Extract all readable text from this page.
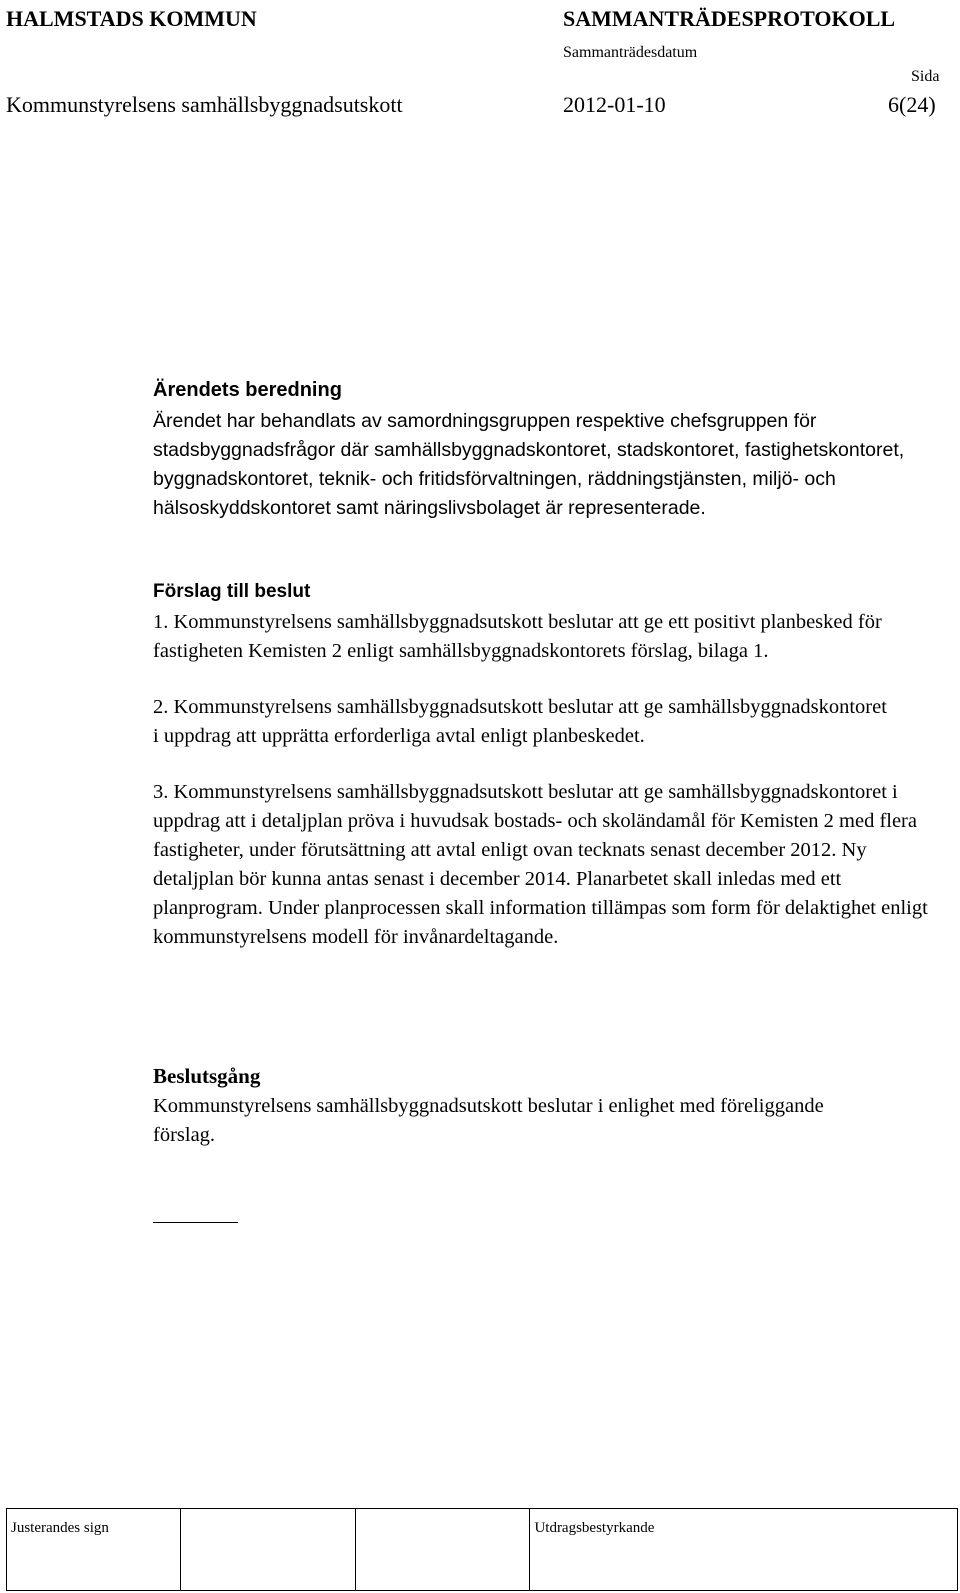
HALMSTADS KOMMUN	SAMMANTRÄDESPROTOKOLL
Sammanträdesdatum
Sida
Kommunstyrelsens samhällsbyggnadsutskott	2012-01-10	6(24)
Ärendets beredning

Ärendet har behandlats av samordningsgruppen respektive chefsgruppen för stadsbyggnadsfrågor där samhällsbyggnadskontoret, stadskontoret, fastighetskontoret, byggnadskontoret, teknik- och fritidsförvaltningen, räddningstjänsten, miljö- och hälsoskyddskontoret samt näringslivsbolaget är representerade.

Förslag till beslut

1. Kommunstyrelsens samhällsbyggnadsutskott beslutar att ge ett positivt planbesked för fastigheten Kemisten 2 enligt samhällsbyggnadskontorets förslag, bilaga 1.

2. Kommunstyrelsens samhällsbyggnadsutskott beslutar att ge samhällsbyggnadskontoret i uppdrag att upprätta erforderliga avtal enligt planbeskedet.

3. Kommunstyrelsens samhällsbyggnadsutskott beslutar att ge samhällsbyggnadskontoret i uppdrag att i detaljplan pröva i huvudsak bostads- och skoländamål för Kemisten 2 med flera fastigheter, under förutsättning att avtal enligt ovan tecknats senast december 2012. Ny detaljplan bör kunna antas senast i december 2014. Planarbetet skall inledas med ett planprogram. Under planprocessen skall information tillämpas som form för delaktighet enligt kommunstyrelsens modell för invånardeltagande.

Beslutsgång

Kommunstyrelsens samhällsbyggnadsutskott beslutar i enlighet med föreliggande förslag.

Justerandes sign	Utdragsbestyrkande
